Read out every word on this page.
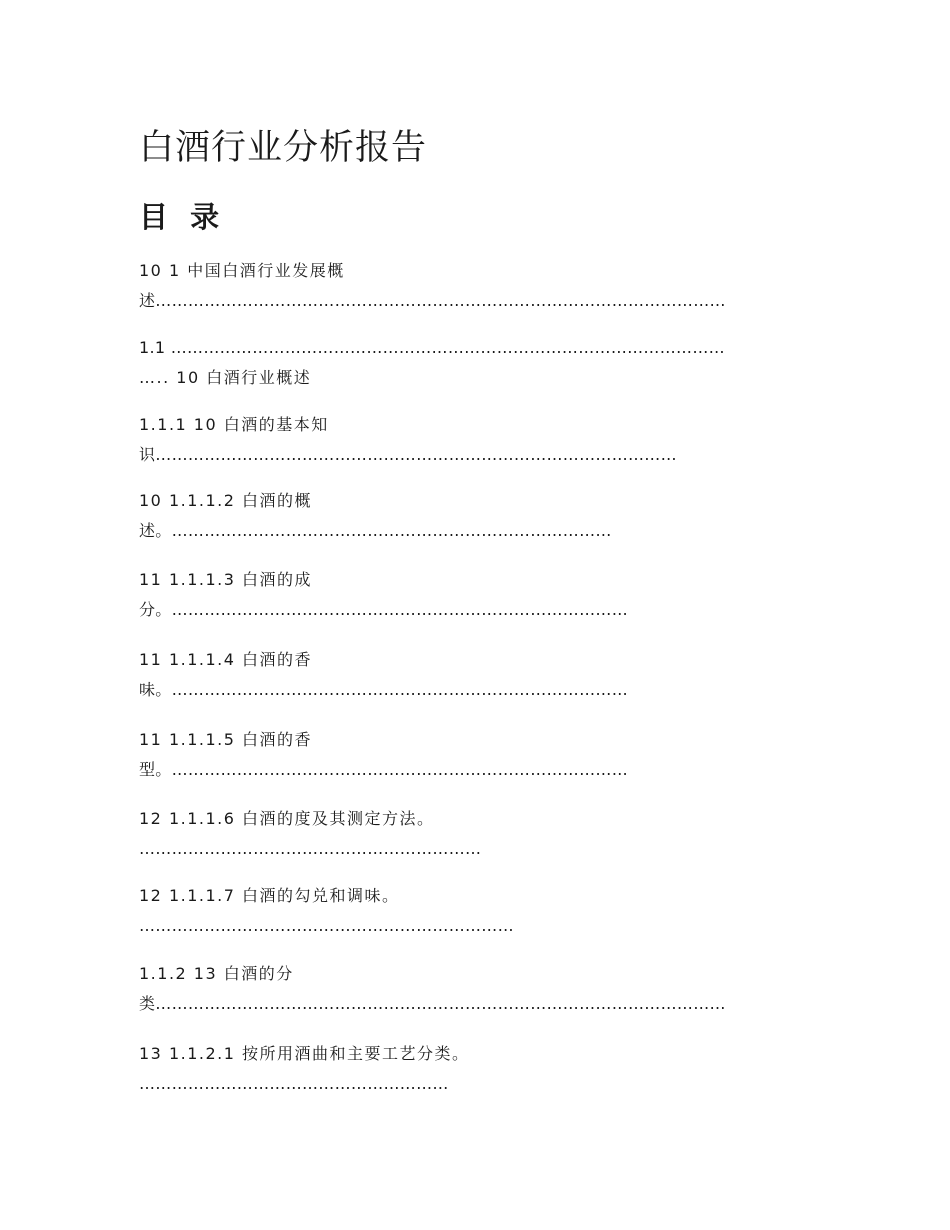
白酒行业分析报告
目 录
10 1 中国白酒行业发展概
述……………………………………………………………………………………………
1.1 …………………………………………………………………………………………
….. 10 白酒行业概述
1.1.1 10 白酒的基本知
识……………………………………………………………………………………
10 1.1.1.2 白酒的概
述。………………………………………………………………………
11 1.1.1.3 白酒的成
分。…………………………………………………………………………
11 1.1.1.4 白酒的香
味。…………………………………………………………………………
11 1.1.1.5 白酒的香
型。…………………………………………………………………………
12 1.1.1.6 白酒的度及其测定方法。
………………………………………………………
12 1.1.1.7 白酒的勾兑和调味。
……………………………………………………………
1.1.2 13 白酒的分
类……………………………………………………………………………………………
13 1.1.2.1 按所用酒曲和主要工艺分类。
…………………………………………………
